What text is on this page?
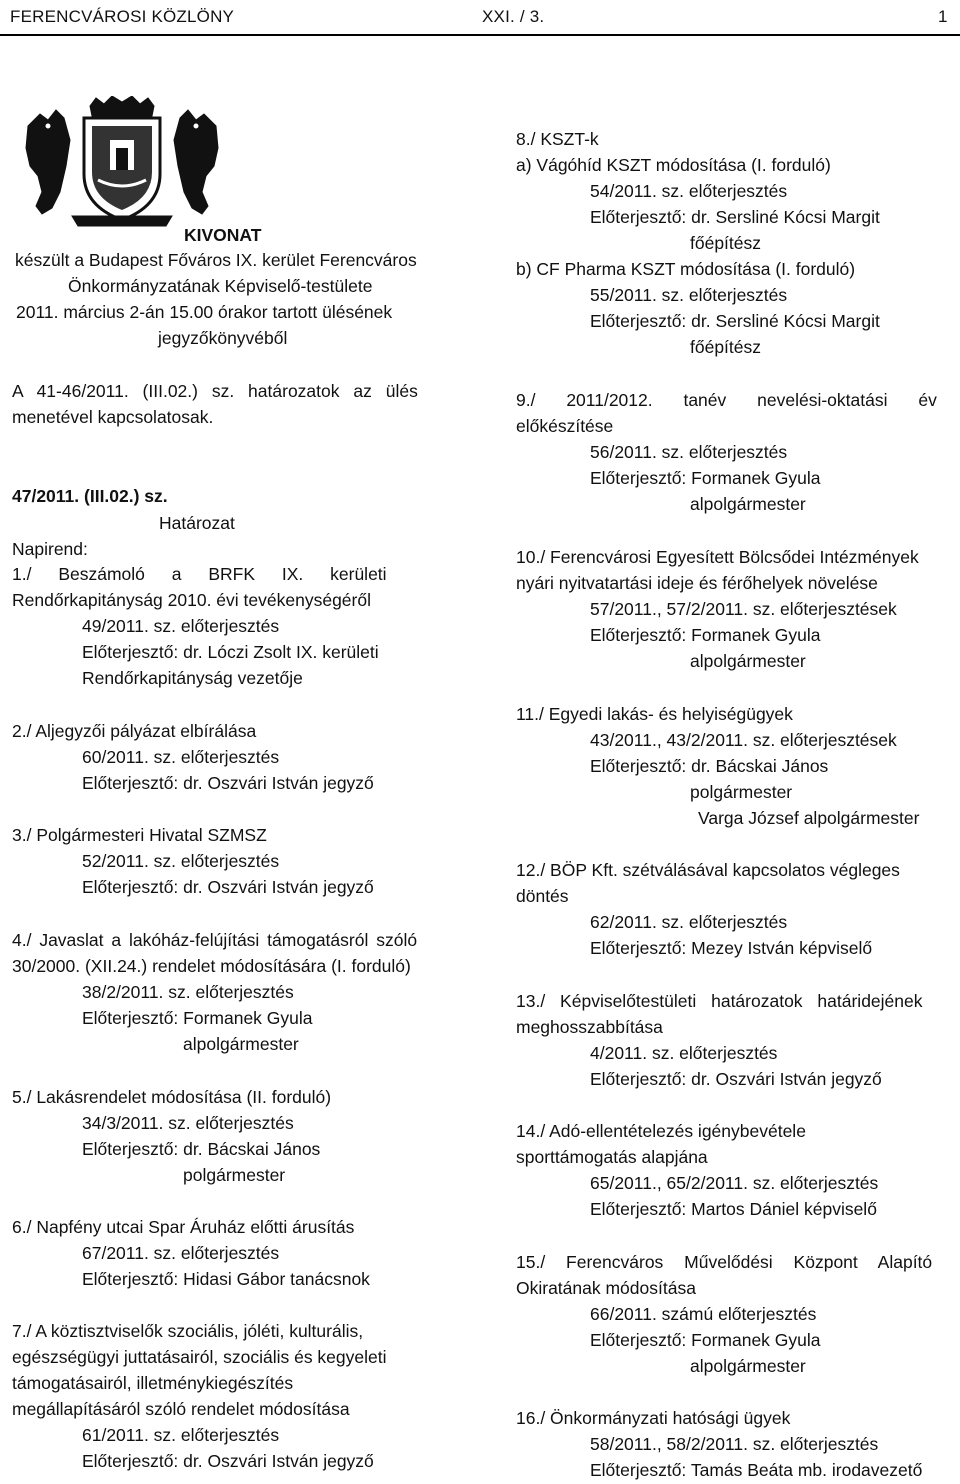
FERENCVÁROSI KÖZLÖNY	XXI. / 3.	1
KIVONAT
készült a Budapest Főváros IX. kerület Ferencváros
Önkormányzatának Képviselő-testülete
2011. március 2-án 15.00 órakor tartott ülésének
jegyzőkönyvéből
A 41-46/2011. (III.02.) sz. határozatok az ülés
menetével kapcsolatosak.
47/2011. (III.02.) sz.
Határozat
Napirend:
1./ Beszámoló a BRFK IX. kerületi
Rendőrkapitányság 2010. évi tevékenységéről
49/2011. sz. előterjesztés
Előterjesztő: dr. Lóczi Zsolt IX. kerületi
Rendőrkapitányság vezetője
2./ Aljegyzői pályázat elbírálása
60/2011. sz. előterjesztés
Előterjesztő: dr. Oszvári István jegyző
3./ Polgármesteri Hivatal SZMSZ
52/2011. sz. előterjesztés
Előterjesztő: dr. Oszvári István jegyző
4./ Javaslat a lakóház-felújítási támogatásról szóló
30/2000. (XII.24.) rendelet módosítására (I. forduló)
38/2/2011. sz. előterjesztés
Előterjesztő: Formanek Gyula
alpolgármester
5./ Lakásrendelet módosítása (II. forduló)
34/3/2011. sz. előterjesztés
Előterjesztő: dr. Bácskai János
polgármester
6./ Napfény utcai Spar Áruház előtti árusítás
67/2011. sz. előterjesztés
Előterjesztő: Hidasi Gábor tanácsnok
7./ A köztisztviselők szociális, jóléti, kulturális,
egészségügyi juttatásairól, szociális és kegyeleti
támogatásairól, illetménykiegészítés
megállapításáról szóló rendelet módosítása
61/2011. sz. előterjesztés
Előterjesztő: dr. Oszvári István jegyző
8./ KSZT-k
a) Vágóhíd KSZT módosítása (I. forduló)
54/2011. sz. előterjesztés
Előterjesztő: dr. Sersliné Kócsi Margit
főépítész
b) CF Pharma KSZT módosítása (I. forduló)
55/2011. sz. előterjesztés
Előterjesztő: dr. Sersliné Kócsi Margit
főépítész
9./ 2011/2012. tanév nevelési-oktatási év
előkészítése
56/2011. sz. előterjesztés
Előterjesztő: Formanek Gyula
alpolgármester
10./ Ferencvárosi Egyesített Bölcsődei Intézmények
nyári nyitvatartási ideje és férőhelyek növelése
57/2011., 57/2/2011. sz. előterjesztések
Előterjesztő: Formanek Gyula
alpolgármester
11./ Egyedi lakás- és helyiségügyek
43/2011., 43/2/2011. sz. előterjesztések
Előterjesztő: dr. Bácskai János
polgármester
Varga József alpolgármester
12./ BÖP Kft. szétválásával kapcsolatos végleges
döntés
62/2011. sz. előterjesztés
Előterjesztő: Mezey István képviselő
13./ Képviselőtestületi határozatok határidejének
meghosszabbítása
4/2011. sz. előterjesztés
Előterjesztő: dr. Oszvári István jegyző
14./ Adó-ellentételezés igénybevétele
sporttámogatás alapjána
65/2011., 65/2/2011. sz. előterjesztés
Előterjesztő: Martos Dániel képviselő
15./ Ferencváros Művelődési Központ Alapító
Okiratának módosítása
66/2011. számú előterjesztés
Előterjesztő: Formanek Gyula
alpolgármester
16./ Önkormányzati hatósági ügyek
58/2011., 58/2/2011. sz. előterjesztés
Előterjesztő: Tamás Beáta mb. irodavezető
